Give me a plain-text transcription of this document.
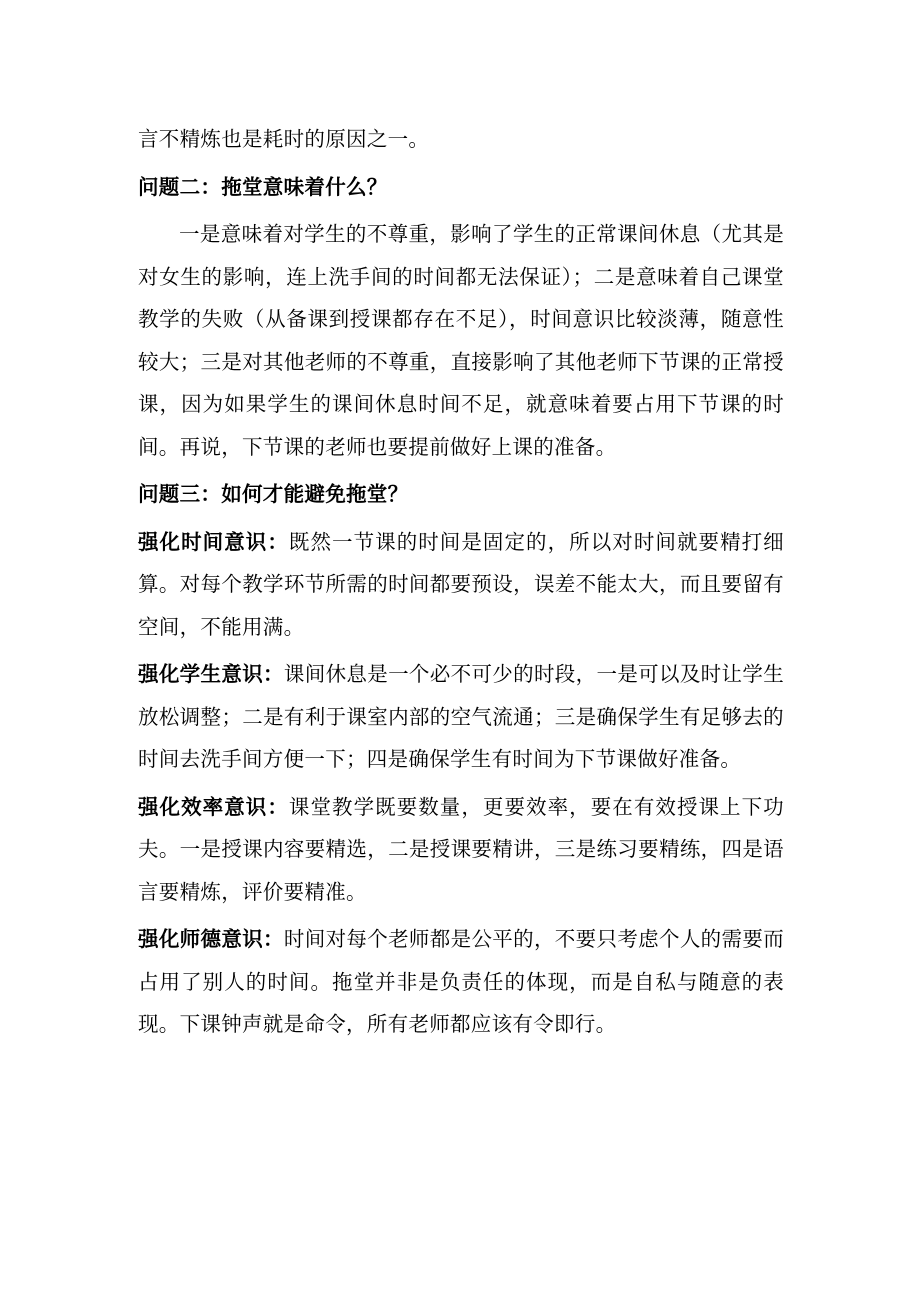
言不精炼也是耗时的原因之一。

问题二：拖堂意味着什么？

一是意味着对学生的不尊重，影响了学生的正常课间休息（尤其是对女生的影响，连上洗手间的时间都无法保证）；二是意味着自己课堂教学的失败（从备课到授课都存在不足），时间意识比较淡薄，随意性较大；三是对其他老师的不尊重，直接影响了其他老师下节课的正常授课，因为如果学生的课间休息时间不足，就意味着要占用下节课的时间。再说，下节课的老师也要提前做好上课的准备。

问题三：如何才能避免拖堂？

强化时间意识：既然一节课的时间是固定的，所以对时间就要精打细算。对每个教学环节所需的时间都要预设，误差不能太大，而且要留有空间，不能用满。

强化学生意识：课间休息是一个必不可少的时段，一是可以及时让学生放松调整；二是有利于课室内部的空气流通；三是确保学生有足够去的时间去洗手间方便一下；四是确保学生有时间为下节课做好准备。

强化效率意识：课堂教学既要数量，更要效率，要在有效授课上下功夫。一是授课内容要精选，二是授课要精讲，三是练习要精练，四是语言要精炼，评价要精准。

强化师德意识：时间对每个老师都是公平的，不要只考虑个人的需要而占用了别人的时间。拖堂并非是负责任的体现，而是自私与随意的表现。下课钟声就是命令，所有老师都应该有令即行。
